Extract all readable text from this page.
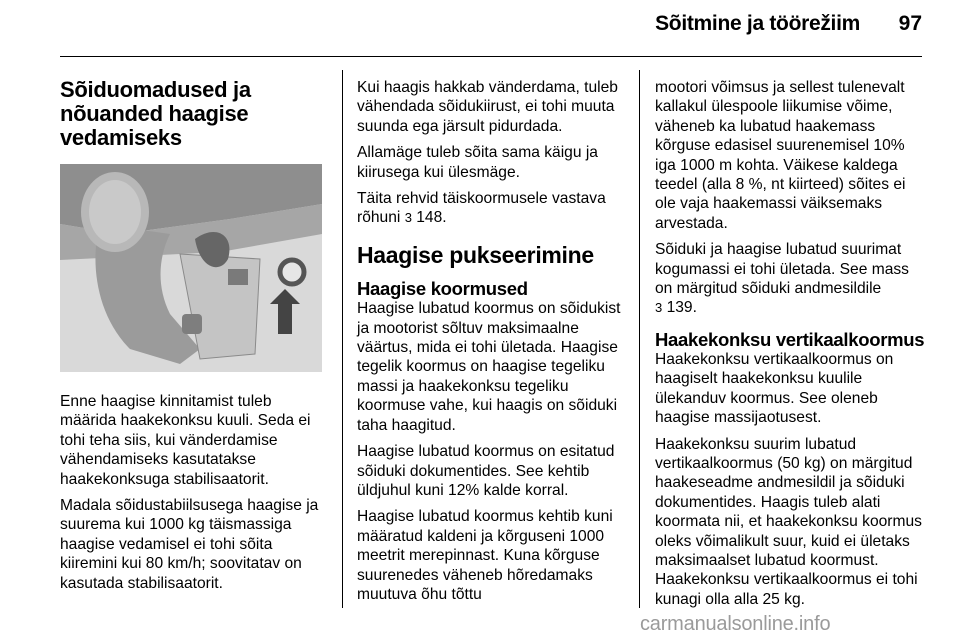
Sõitmine ja töörežiim	97
Sõiduomadused ja nõuanded haagise vedamiseks

Enne haagise kinnitamist tuleb määrida haakekonksu kuuli. Seda ei tohi teha siis, kui vänderdamise vähendamiseks kasutatakse haakekonksuga stabilisaatorit.

Madala sõidustabiilsusega haagise ja suurema kui 1000 kg täismassiga haagise vedamisel ei tohi sõita kiiremini kui 80 km/h; soovitatav on kasutada stabilisaatorit.

Kui haagis hakkab vänderdama, tuleb vähendada sõidukiirust, ei tohi muuta suunda ega järsult pidurdada.

Allamäge tuleb sõita sama käigu ja kiirusega kui ülesmäge.

Täita rehvid täiskoormusele vastava rõhuni 3 148.

Haagise pukseerimine
Haagise koormused

Haagise lubatud koormus on sõidukist ja mootorist sõltuv maksimaalne väärtus, mida ei tohi ületada. Haagise tegelik koormus on haagise tegeliku massi ja haakekonksu tegeliku koormuse vahe, kui haagis on sõiduki taha haagitud.

Haagise lubatud koormus on esitatud sõiduki dokumentides. See kehtib üldjuhul kuni 12% kalde korral.

Haagise lubatud koormus kehtib kuni määratud kaldeni ja kõrguseni 1000 meetrit merepinnast. Kuna kõrguse suurenedes väheneb hõredamaks muutuva õhu tõttu

mootori võimsus ja sellest tulenevalt kallakul ülespoole liikumise võime, väheneb ka lubatud haakemass kõrguse edasisel suurenemisel 10% iga 1000 m kohta. Väikese kaldega teedel (alla 8 %, nt kiirteed) sõites ei ole vaja haakemassi väiksemaks arvestada.

Sõiduki ja haagise lubatud suurimat kogumassi ei tohi ületada. See mass on märgitud sõiduki andmesildile
3 139.

Haakekonksu vertikaalkoormus

Haakekonksu vertikaalkoormus on haagiselt haakekonksu kuulile ülekanduv koormus. See oleneb haagise massijaotusest.

Haakekonksu suurim lubatud vertikaalkoormus (50 kg) on märgitud haakeseadme andmesildil ja sõiduki dokumentides. Haagis tuleb alati koormata nii, et haakekonksu koormus oleks võimalikult suur, kuid ei ületaks maksimaalset lubatud koormust. Haakekonksu vertikaalkoormus ei tohi kunagi olla alla 25 kg.

carmanualsonline.info
